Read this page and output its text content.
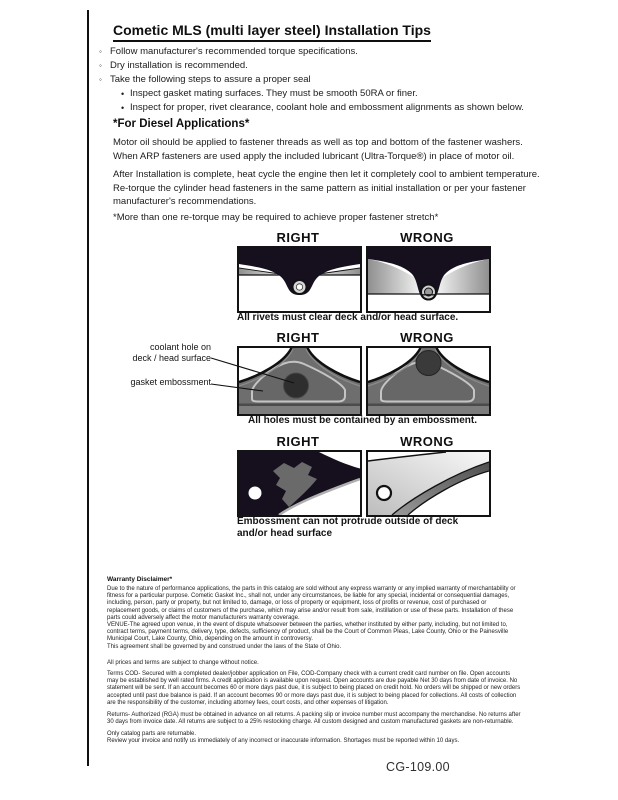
Cometic MLS (multi layer steel) Installation Tips
◦ Follow manufacturer's recommended torque specifications.
◦ Dry installation is recommended.
◦ Take the following steps to assure a proper seal
• Inspect gasket mating surfaces. They must be smooth 50RA or finer.
• Inspect for proper, rivet clearance, coolant hole and embossment alignments as shown below.
*For Diesel Applications*
Motor oil should be applied to fastener threads as well as top and bottom of the fastener washers. When ARP fasteners are used apply the included lubricant (Ultra-Torque®) in place of motor oil.
After Installation is complete, heat cycle the engine then let it completely cool to ambient temperature. Re-torque the cylinder head fasteners in the same pattern as initial installation or per your fastener manufacturer's recommendations.
*More than one re-torque may be required to achieve proper fastener stretch*
RIGHT	WRONG
All rivets must clear deck and/or head surface.
RIGHT	WRONG
coolant hole on
deck / head surface
gasket embossment
All holes must be contained by an embossment.
RIGHT	WRONG
Embossment can not protrude outside of deck
and/or head surface
Warranty Disclaimer*
Due to the nature of performance applications, the parts in this catalog are sold without any express warranty or any implied warranty of merchantability or fitness for a particular purpose. Cometic Gasket Inc., shall not, under any circumstances, be liable for any special, incidental or consequential damages, including, person, party or property, but not limited to, damage, or loss of property or equipment, loss of profits or revenue, cost of purchased or replacement goods, or claims of customers of the purchase, which may arise and/or result from sale, instillation or use of these parts. Installation of these parts could adversely affect the motor manufacturers warranty coverage.
VENUE-The agreed upon venue, in the event of dispute whatsoever between the parties, whether instituted by either party, including, but not limited to, contract terms, payment terms, delivery, type, defects, sufficiency of product, shall be the Court of Common Pleas, Lake County, Ohio or the Painesville Municipal Court, Lake County, Ohio, depending on the amount in controversy.
This agreement shall be governed by and construed under the laws of the State of Ohio.
All prices and terms are subject to change without notice.
Terms COD- Secured with a completed dealer/jobber application on File, COD-Company check with a current credit card number on file. Open accounts may be established by well rated firms. A credit application is available upon request. Open accounts are due payable Net 30 days from date of invoice. No statement will be sent. If an account becomes 60 or more days past due, it is subject to being placed on credit hold. No orders will be shipped or new orders accepted until past due balance is paid. If an account becomes 90 or more days past due, it is subject to being placed for collections. All costs of collection are the responsibility of the customer, including attorney fees, court costs, and other expenses of litigation.
Returns- Authorized (RGA) must be obtained in advance on all returns. A packing slip or invoice number must accompany the merchandise. No returns after 30 days from invoice date. All returns are subject to a 25% restocking charge. All custom designed and custom manufactured gaskets are non-returnable.
Only catalog parts are returnable.
Review your invoice and notify us immediately of any incorrect or inaccurate information. Shortages must be reported within 10 days.
CG-109.00
